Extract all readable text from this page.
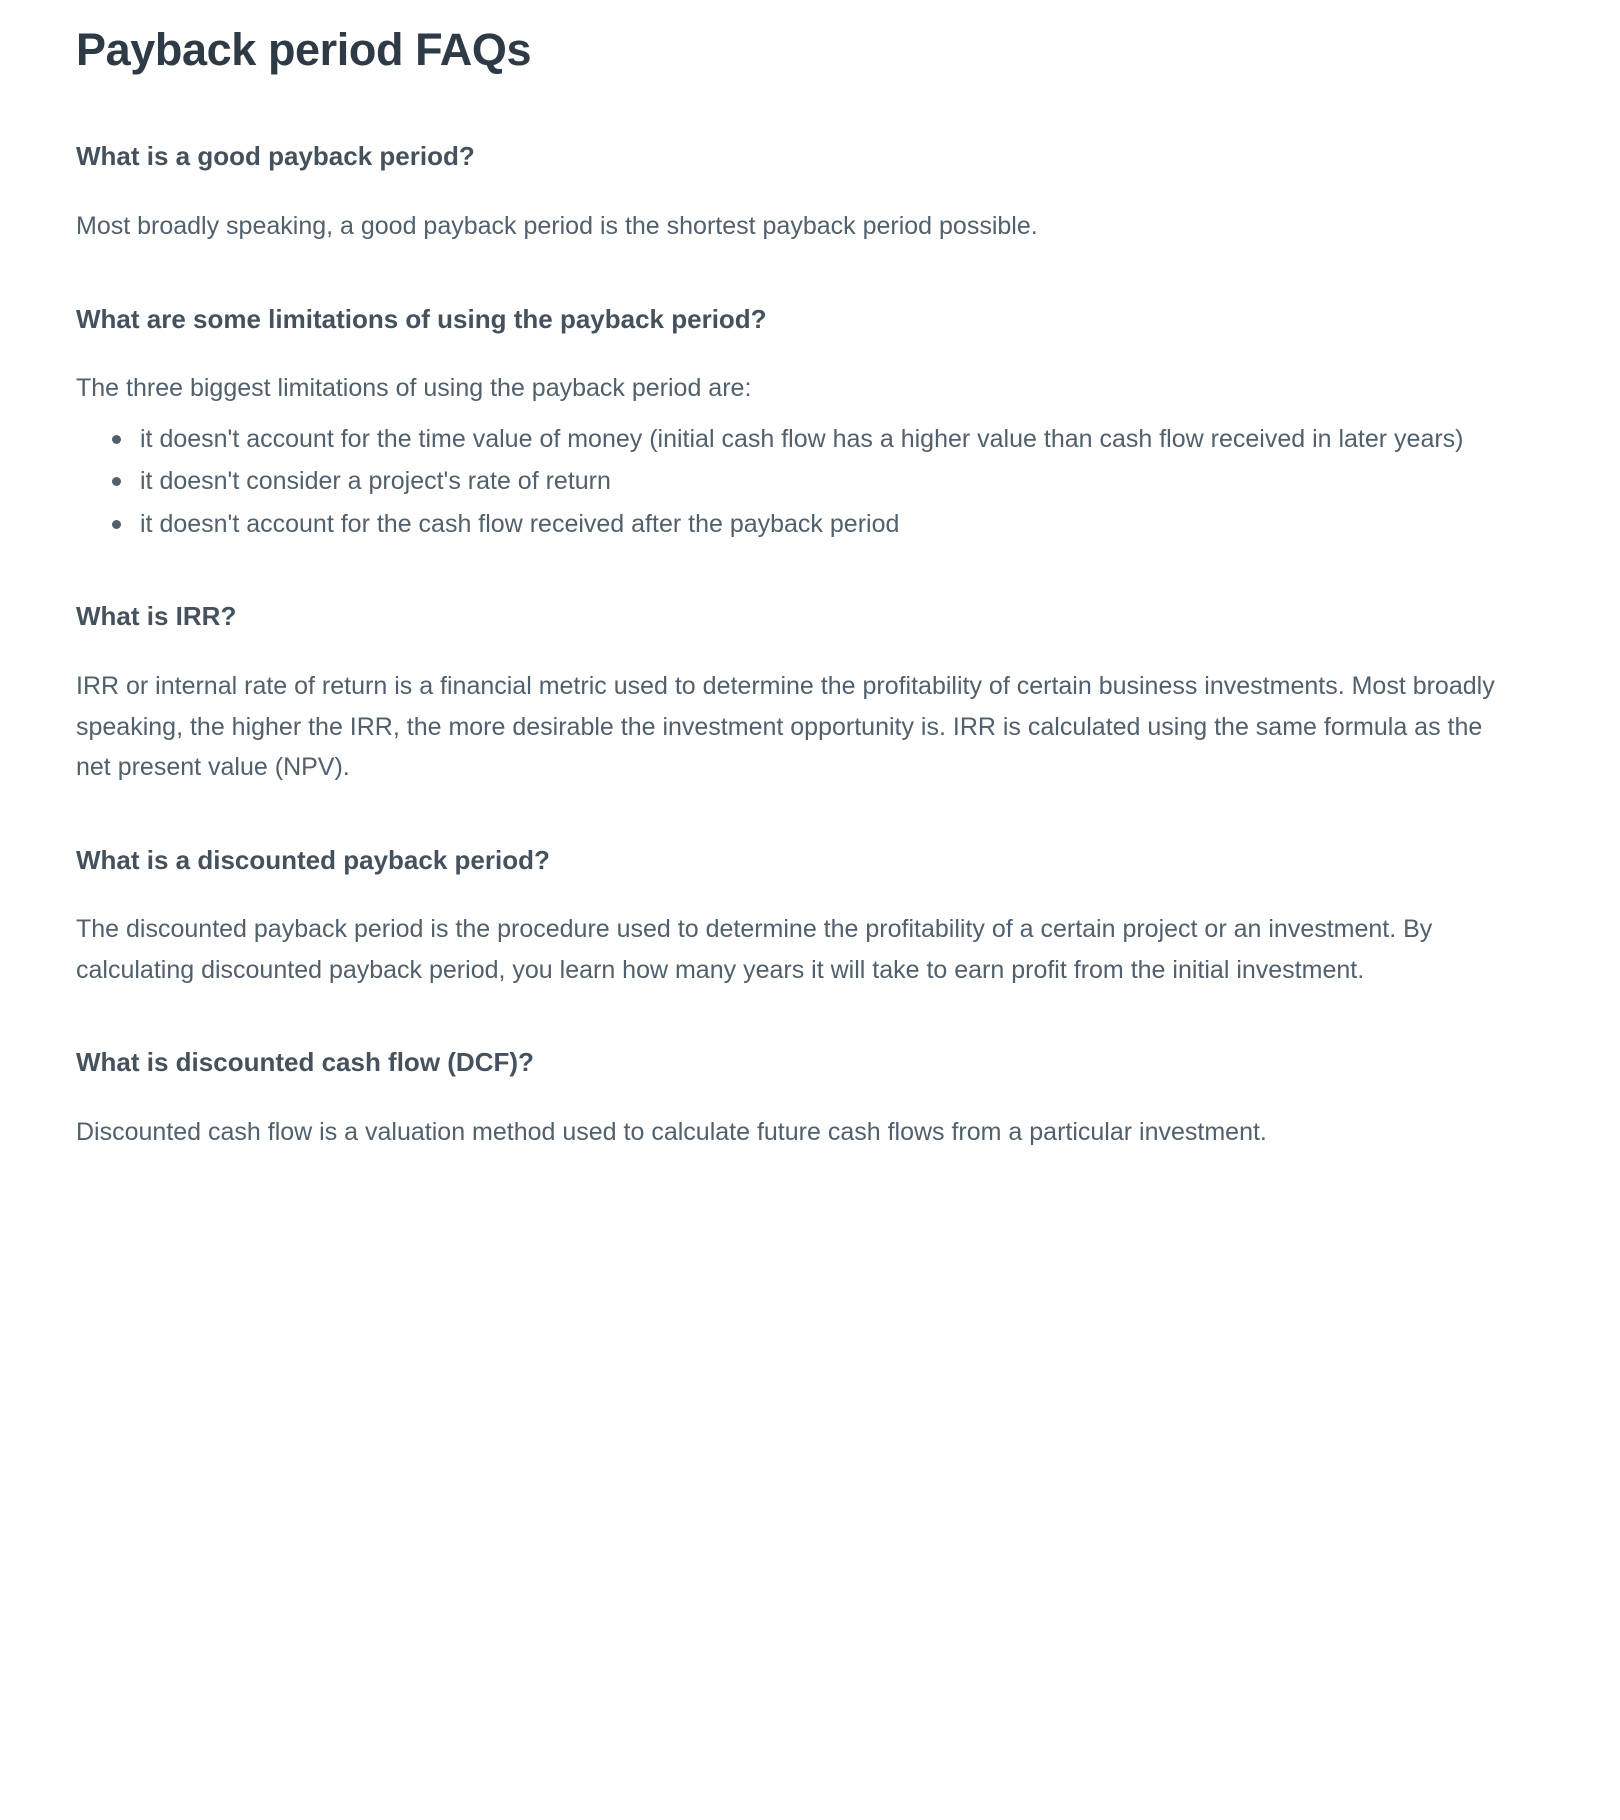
Payback period FAQs
What is a good payback period?

Most broadly speaking, a good payback period is the shortest payback period possible.

What are some limitations of using the payback period?

The three biggest limitations of using the payback period are:

it doesn't account for the time value of money (initial cash flow has a higher value than cash flow received in later years)
it doesn't consider a project's rate of return
it doesn't account for the cash flow received after the payback period
What is IRR?

IRR or internal rate of return is a financial metric used to determine the profitability of certain business investments. Most broadly speaking, the higher the IRR, the more desirable the investment opportunity is. IRR is calculated using the same formula as the net present value (NPV).

What is a discounted payback period?

The discounted payback period is the procedure used to determine the profitability of a certain project or an investment. By calculating discounted payback period, you learn how many years it will take to earn profit from the initial investment.

What is discounted cash flow (DCF)?

Discounted cash flow is a valuation method used to calculate future cash flows from a particular investment.
